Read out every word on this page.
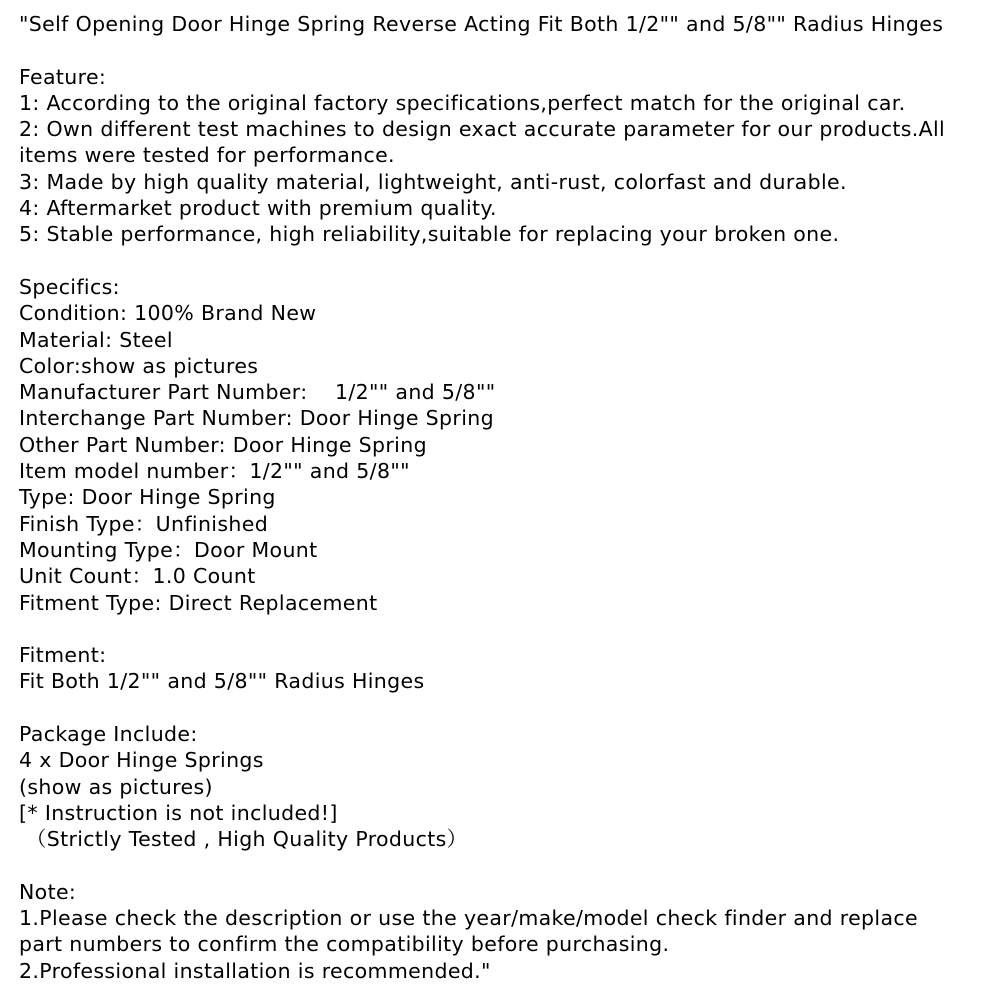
"Self Opening Door Hinge Spring Reverse Acting Fit Both 1/2"" and 5/8"" Radius Hinges
Feature:
1: According to the original factory specifications,perfect match for the original car.
2: Own different test machines to design exact accurate parameter for our products.All
items were tested for performance.
3: Made by high quality material, lightweight, anti-rust, colorfast and durable.
4: Aftermarket product with premium quality.
5: Stable performance, high reliability,suitable for replacing your broken one.
Specifics:
Condition: 100% Brand New
Material: Steel
Color:show as pictures
Manufacturer Part Number:    1/2"" and 5/8""
Interchange Part Number: Door Hinge Spring
Other Part Number: Door Hinge Spring
Item model number：1/2"" and 5/8""
Type: Door Hinge Spring
Finish Type：Unfinished
Mounting Type：Door Mount
Unit Count：1.0 Count
Fitment Type: Direct Replacement
Fitment:
Fit Both 1/2"" and 5/8"" Radius Hinges
Package Include:
4 x Door Hinge Springs
(show as pictures)
[* Instruction is not included!]
（Strictly Tested , High Quality Products）
Note:
1.Please check the description or use the year/make/model check finder and replace
part numbers to confirm the compatibility before purchasing.
2.Professional installation is recommended."
